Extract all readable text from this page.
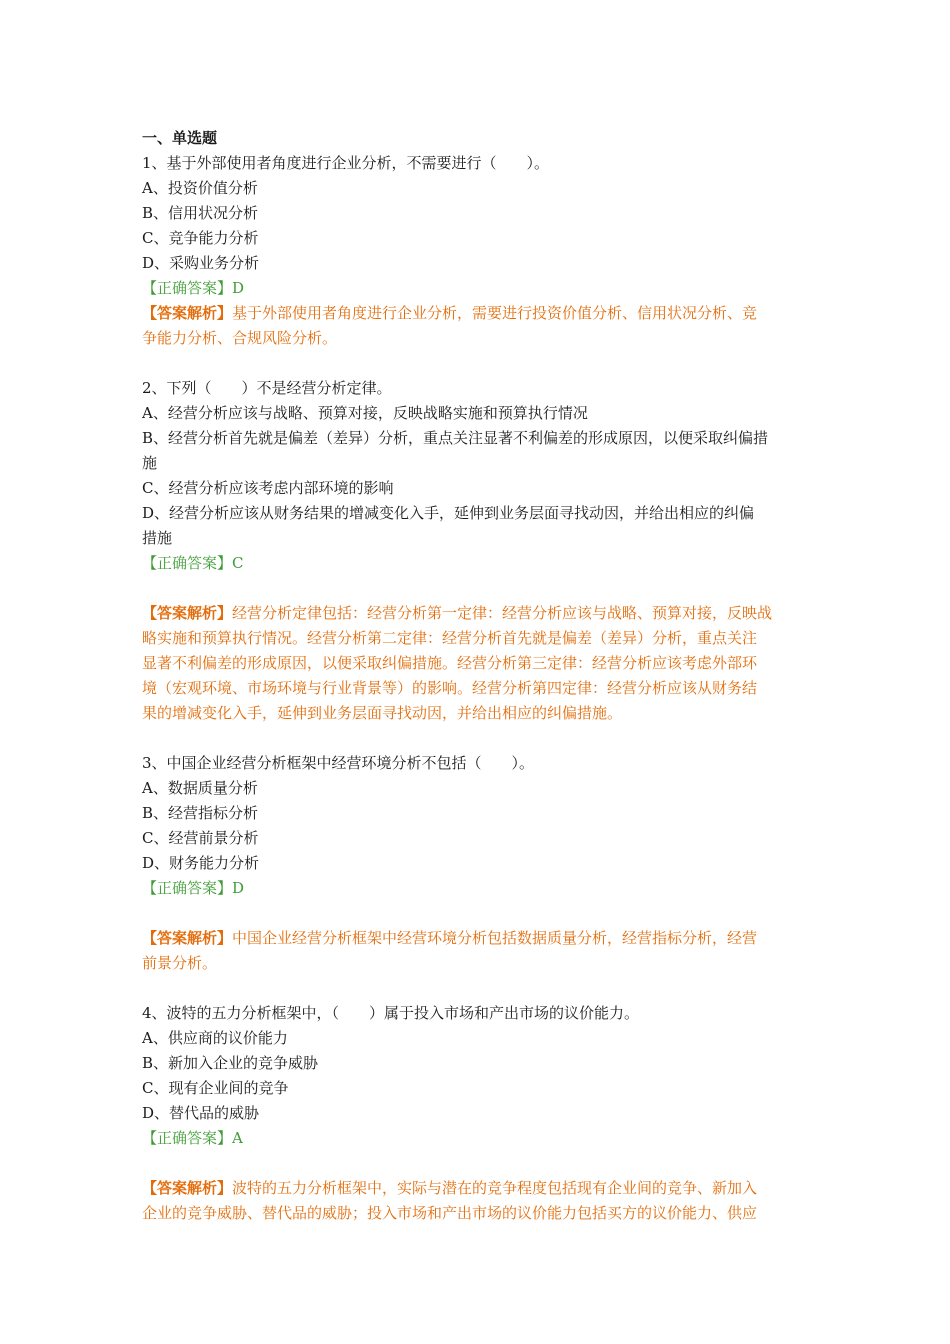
一、单选题
1、基于外部使用者角度进行企业分析，不需要进行（　　）。
A、投资价值分析
B、信用状况分析
C、竞争能力分析
D、采购业务分析
【正确答案】D
【答案解析】基于外部使用者角度进行企业分析，需要进行投资价值分析、信用状况分析、竞
争能力分析、合规风险分析。
2、下列（　　）不是经营分析定律。
A、经营分析应该与战略、预算对接，反映战略实施和预算执行情况
B、经营分析首先就是偏差（差异）分析，重点关注显著不利偏差的形成原因，以便采取纠偏措
施
C、经营分析应该考虑内部环境的影响
D、经营分析应该从财务结果的增减变化入手，延伸到业务层面寻找动因，并给出相应的纠偏
措施
【正确答案】C
【答案解析】经营分析定律包括：经营分析第一定律：经营分析应该与战略、预算对接，反映战
略实施和预算执行情况。经营分析第二定律：经营分析首先就是偏差（差异）分析，重点关注
显著不利偏差的形成原因，以便采取纠偏措施。经营分析第三定律：经营分析应该考虑外部环
境（宏观环境、市场环境与行业背景等）的影响。经营分析第四定律：经营分析应该从财务结
果的增减变化入手，延伸到业务层面寻找动因，并给出相应的纠偏措施。
3、中国企业经营分析框架中经营环境分析不包括（　　）。
A、数据质量分析
B、经营指标分析
C、经营前景分析
D、财务能力分析
【正确答案】D
【答案解析】中国企业经营分析框架中经营环境分析包括数据质量分析，经营指标分析，经营
前景分析。
4、波特的五力分析框架中，（　　）属于投入市场和产出市场的议价能力。
A、供应商的议价能力
B、新加入企业的竞争威胁
C、现有企业间的竞争
D、替代品的威胁
【正确答案】A
【答案解析】波特的五力分析框架中，实际与潜在的竞争程度包括现有企业间的竞争、新加入
企业的竞争威胁、替代品的威胁；投入市场和产出市场的议价能力包括买方的议价能力、供应
